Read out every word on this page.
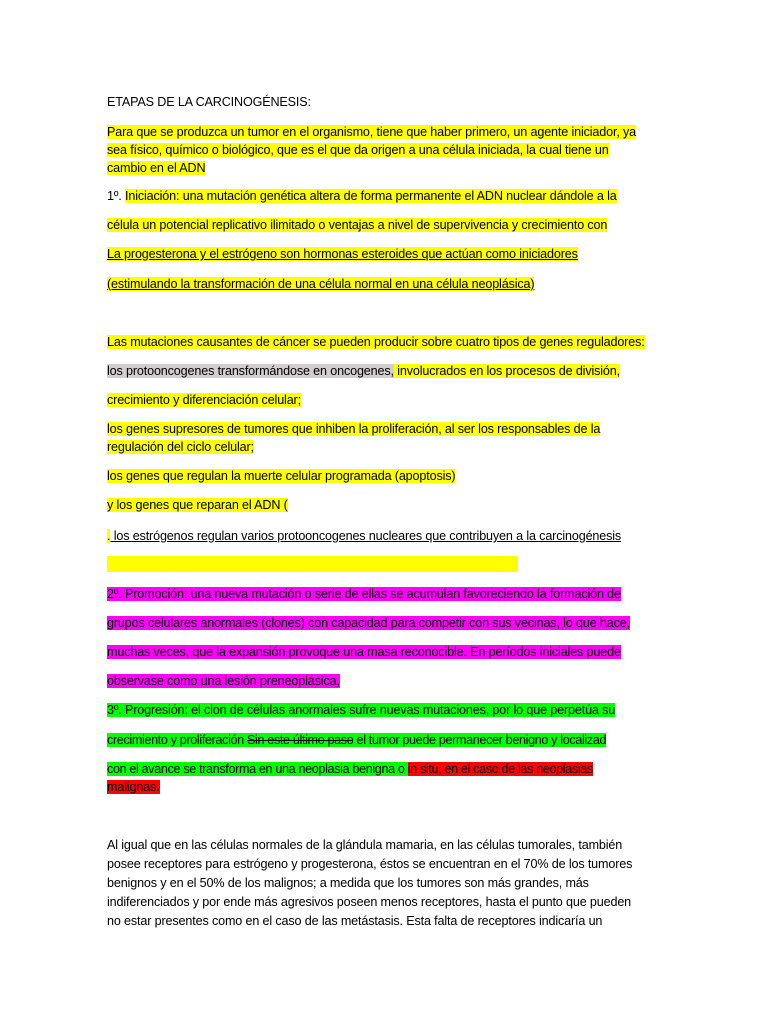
ETAPAS DE LA CARCINOGÉNESIS:

Para que se produzca un tumor en el organismo, tiene que haber primero, un agente iniciador, ya

sea físico, químico o biológico, que es el que da origen a una célula iniciada, la cual tiene un

cambio en el ADN

1º. Iniciación: una mutación genética altera de forma permanente el ADN nuclear dándole a la

célula un potencial replicativo ilimitado o ventajas a nivel de supervivencia y crecimiento con

La progesterona y el estrógeno son hormonas esteroides que actúan como iniciadores

(estimulando la transformación de una célula normal en una célula neoplásica)

Las mutaciones causantes de cáncer se pueden producir sobre cuatro tipos de genes reguladores:

los protooncogenes transformándose en oncogenes, involucrados en los procesos de división,

crecimiento y diferenciación celular;

los genes supresores de tumores que inhiben la proliferación, al ser los responsables de la

regulación del ciclo celular;

los genes que regulan la muerte celular programada (apoptosis)

y los genes que reparan el ADN (

. los estrógenos regulan varios protooncogenes nucleares que contribuyen a la carcinogénesis

2º. Promoción: una nueva mutación o serie de ellas se acumulan favoreciendo la formación de

grupos celulares anormales (clones) con capacidad para competir con sus vecinas, lo que hace,

muchas veces, que la expansión provoque una masa reconocible. En períodos iniciales puede

observase como una lesión preneoplásica,

3º. Progresión: el clon de células anormales sufre nuevas mutaciones, por lo que perpetúa su

crecimiento y proliferación Sin este último paso el tumor puede permanecer benigno y localizad

con el avance se transforma en una neoplasia benigna o in situ, en el caso de las neoplasias

malignas.

Al igual que en las células normales de la glándula mamaria, en las células tumorales, también

posee receptores para estrógeno y progesterona, éstos se encuentran en el 70% de los tumores

benignos y en el 50% de los malignos; a medida que los tumores son más grandes, más

indiferenciados y por ende más agresivos poseen menos receptores, hasta el punto que pueden

no estar presentes como en el caso de las metástasis. Esta falta de receptores indicaría un
